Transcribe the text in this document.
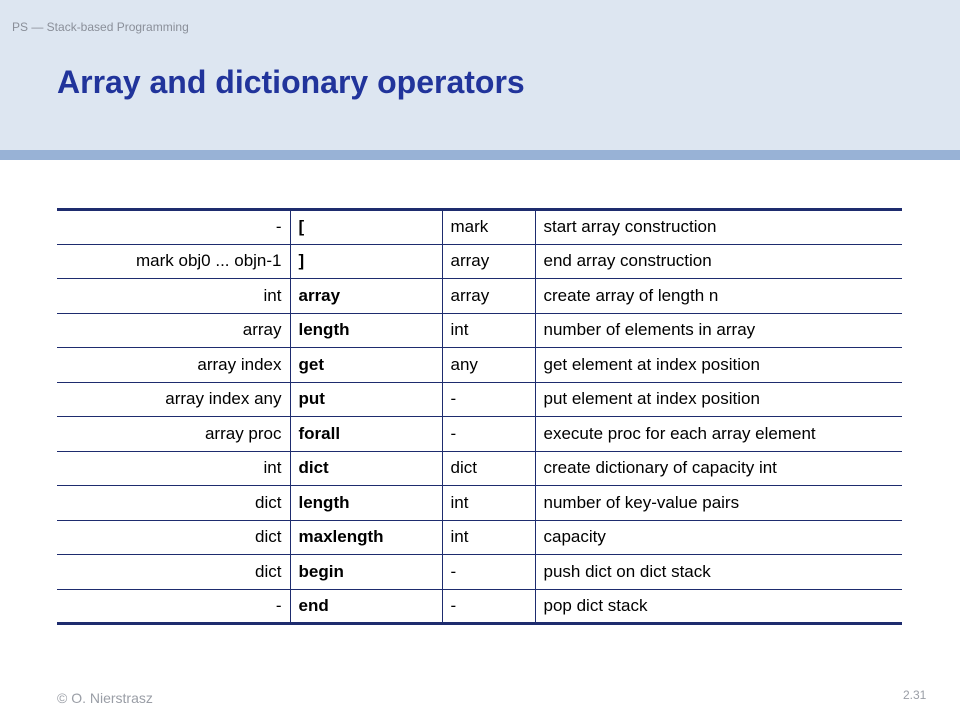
PS — Stack-based Programming
Array and dictionary operators
-	[	mark	start array construction
mark obj0 ... objn-1	]	array	end array construction
int	array	array	create array of length n
array	length	int	number of elements in array
array index	get	any	get element at index position
array index any	put	-	put element at index position
array proc	forall	-	execute proc for each array element
int	dict	dict	create dictionary of capacity int
dict	length	int	number of key-value pairs
dict	maxlength	int	capacity
dict	begin	-	push dict on dict stack
-	end	-	pop dict stack
© O. Nierstrasz	2.31
